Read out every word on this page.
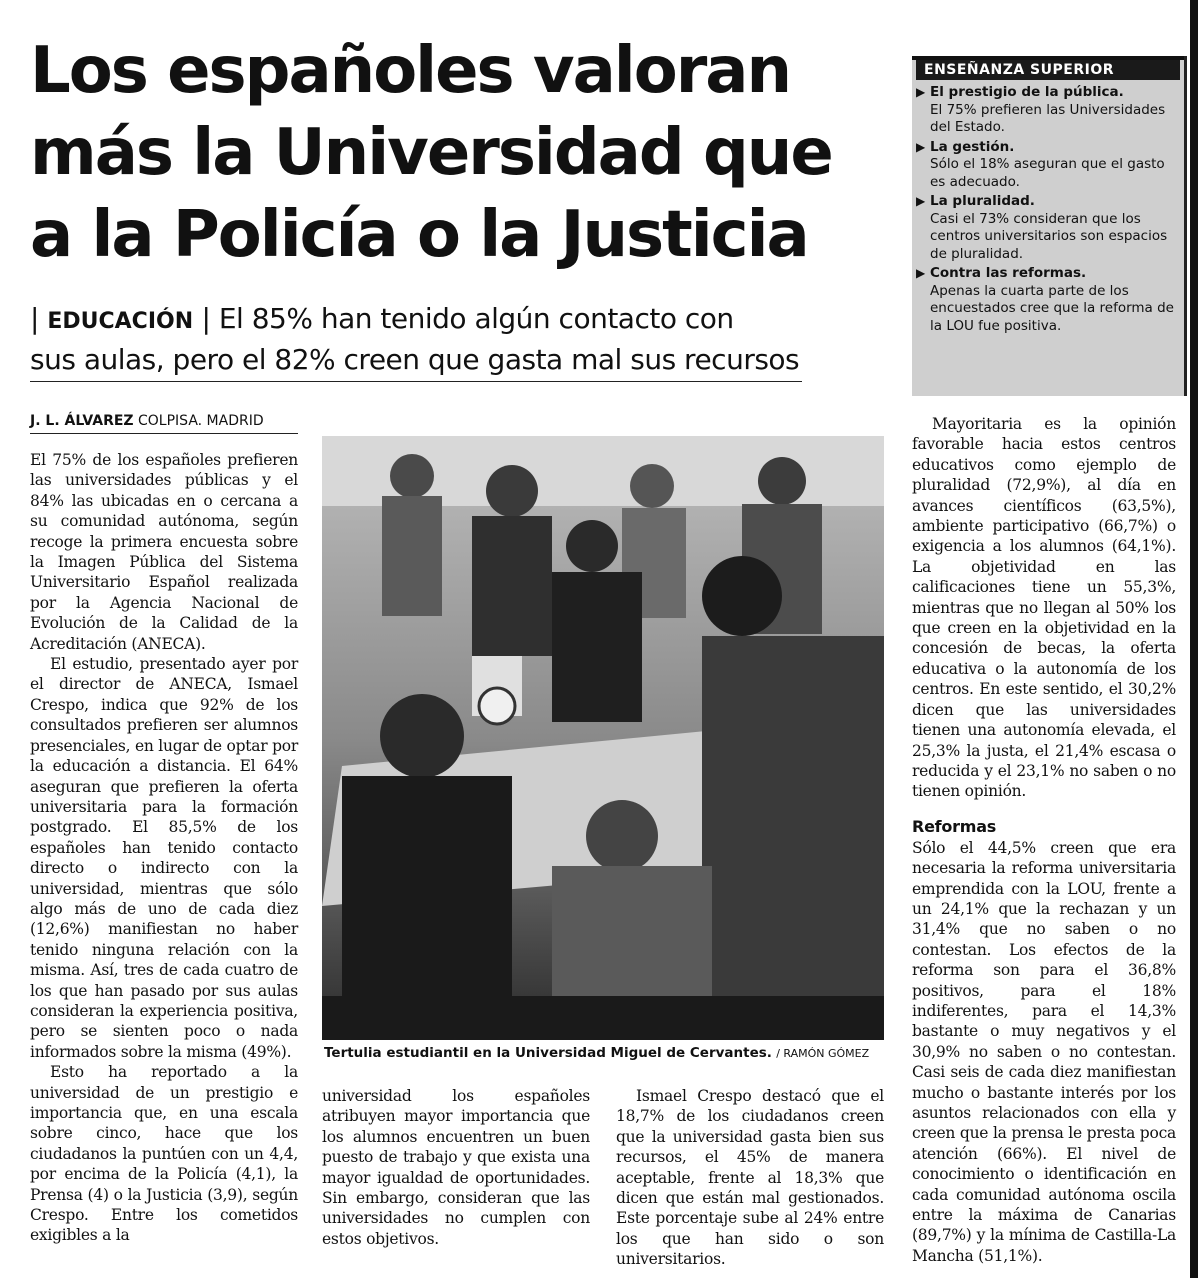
Los españoles valoran
más la Universidad que
a la Policía o la Justicia
| EDUCACIÓN | El 85% han tenido algún contacto con
sus aulas, pero el 82% creen que gasta mal sus recursos
J. L. ÁLVAREZ COLPISA. MADRID
ENSEÑANZA SUPERIOR
▶ El prestigio de la pública.
El 75% prefieren las Universidades del Estado.
▶ La gestión.
Sólo el 18% aseguran que el gasto es adecuado.
▶ La pluralidad.
Casi el 73% consideran que los centros universitarios son espacios de pluralidad.
▶ Contra las reformas.
Apenas la cuarta parte de los encuestados cree que la reforma de la LOU fue positiva.

El 75% de los españoles prefieren las universidades públicas y el 84% las ubicadas en o cercana a su comunidad autónoma, según recoge la primera encuesta sobre la Imagen Pública del Sistema Universitario Español realizada por la Agencia Nacional de Evolución de la Calidad de la Acreditación (ANECA).

El estudio, presentado ayer por el director de ANECA, Ismael Crespo, indica que 92% de los consultados prefieren ser alumnos presenciales, en lugar de optar por la educación a distancia. El 64% aseguran que prefieren la oferta universitaria para la formación postgrado. El 85,5% de los españoles han tenido contacto directo o indirecto con la universidad, mientras que sólo algo más de uno de cada diez (12,6%) manifiestan no haber tenido ninguna relación con la misma. Así, tres de cada cuatro de los que han pasado por sus aulas consideran la experiencia positiva, pero se sienten poco o nada informados sobre la misma (49%).

Esto ha reportado a la universidad de un prestigio e importancia que, en una escala sobre cinco, hace que los ciudadanos la puntúen con un 4,4, por encima de la Policía (4,1), la Prensa (4) o la Justicia (3,9), según Crespo. Entre los cometidos exigibles a la

Tertulia estudiantil en la Universidad Miguel de Cervantes. / RAMÓN GÓMEZ

universidad los españoles atribuyen mayor importancia que los alumnos encuentren un buen puesto de trabajo y que exista una mayor igualdad de oportunidades. Sin embargo, consideran que las universidades no cumplen con estos objetivos.

Ismael Crespo destacó que el 18,7% de los ciudadanos creen que la universidad gasta bien sus recursos, el 45% de manera aceptable, frente al 18,3% que dicen que están mal gestionados. Este porcentaje sube al 24% entre los que han sido o son universitarios.

Mayoritaria es la opinión favorable hacia estos centros educativos como ejemplo de pluralidad (72,9%), al día en avances científicos (63,5%), ambiente participativo (66,7%) o exigencia a los alumnos (64,1%). La objetividad en las calificaciones tiene un 55,3%, mientras que no llegan al 50% los que creen en la objetividad en la concesión de becas, la oferta educativa o la autonomía de los centros. En este sentido, el 30,2% dicen que las universidades tienen una autonomía elevada, el 25,3% la justa, el 21,4% escasa o reducida y el 23,1% no saben o no tienen opinión.

Reformas

Sólo el 44,5% creen que era necesaria la reforma universitaria emprendida con la LOU, frente a un 24,1% que la rechazan y un 31,4% que no saben o no contestan. Los efectos de la reforma son para el 36,8% positivos, para el 18% indiferentes, para el 14,3% bastante o muy negativos y el 30,9% no saben o no contestan. Casi seis de cada diez manifiestan mucho o bastante interés por los asuntos relacionados con ella y creen que la prensa le presta poca atención (66%). El nivel de conocimiento o identificación en cada comunidad autónoma oscila entre la máxima de Canarias (89,7%) y la mínima de Castilla-La Mancha (51,1%).
